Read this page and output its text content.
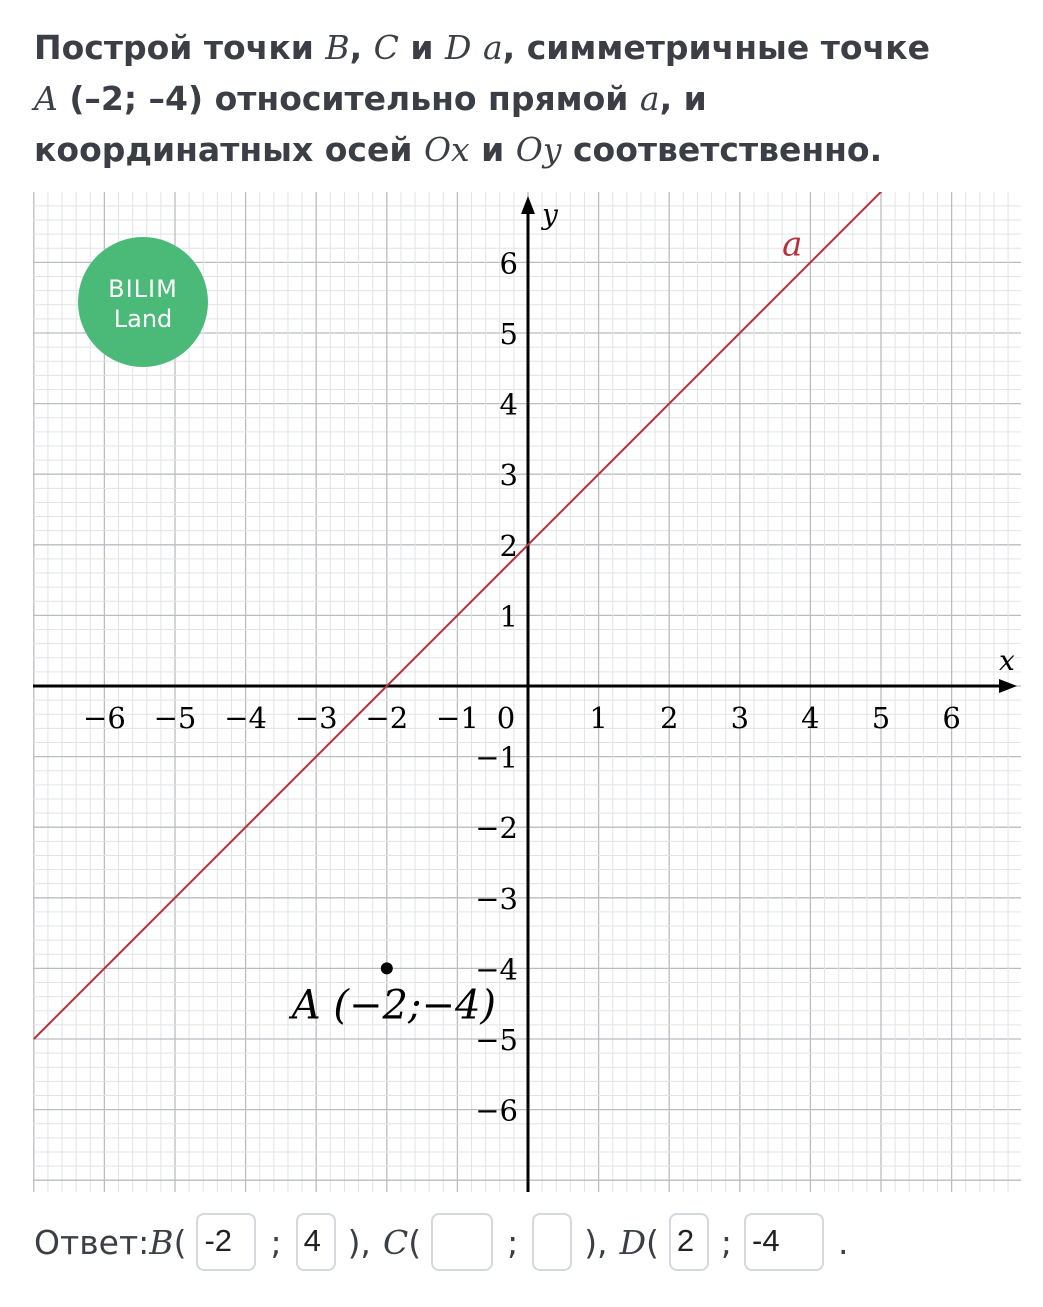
Построй точки B, C и D a, симметричные точке
A (–2; –4) относительно прямой a, и
координатных осей Ox и Oy соответственно.
x
y
−6 −5 −4 −3 −2 −1 0	1 2 3 4 5 6
6
5
4
3
2
1
−1
−2
−3
−4
−5
−6
a
A (−2;−4)
BILIM
Land
Ответ: B ( -2	; 4 ), C (	; ), D ( 2 ; -4	.
